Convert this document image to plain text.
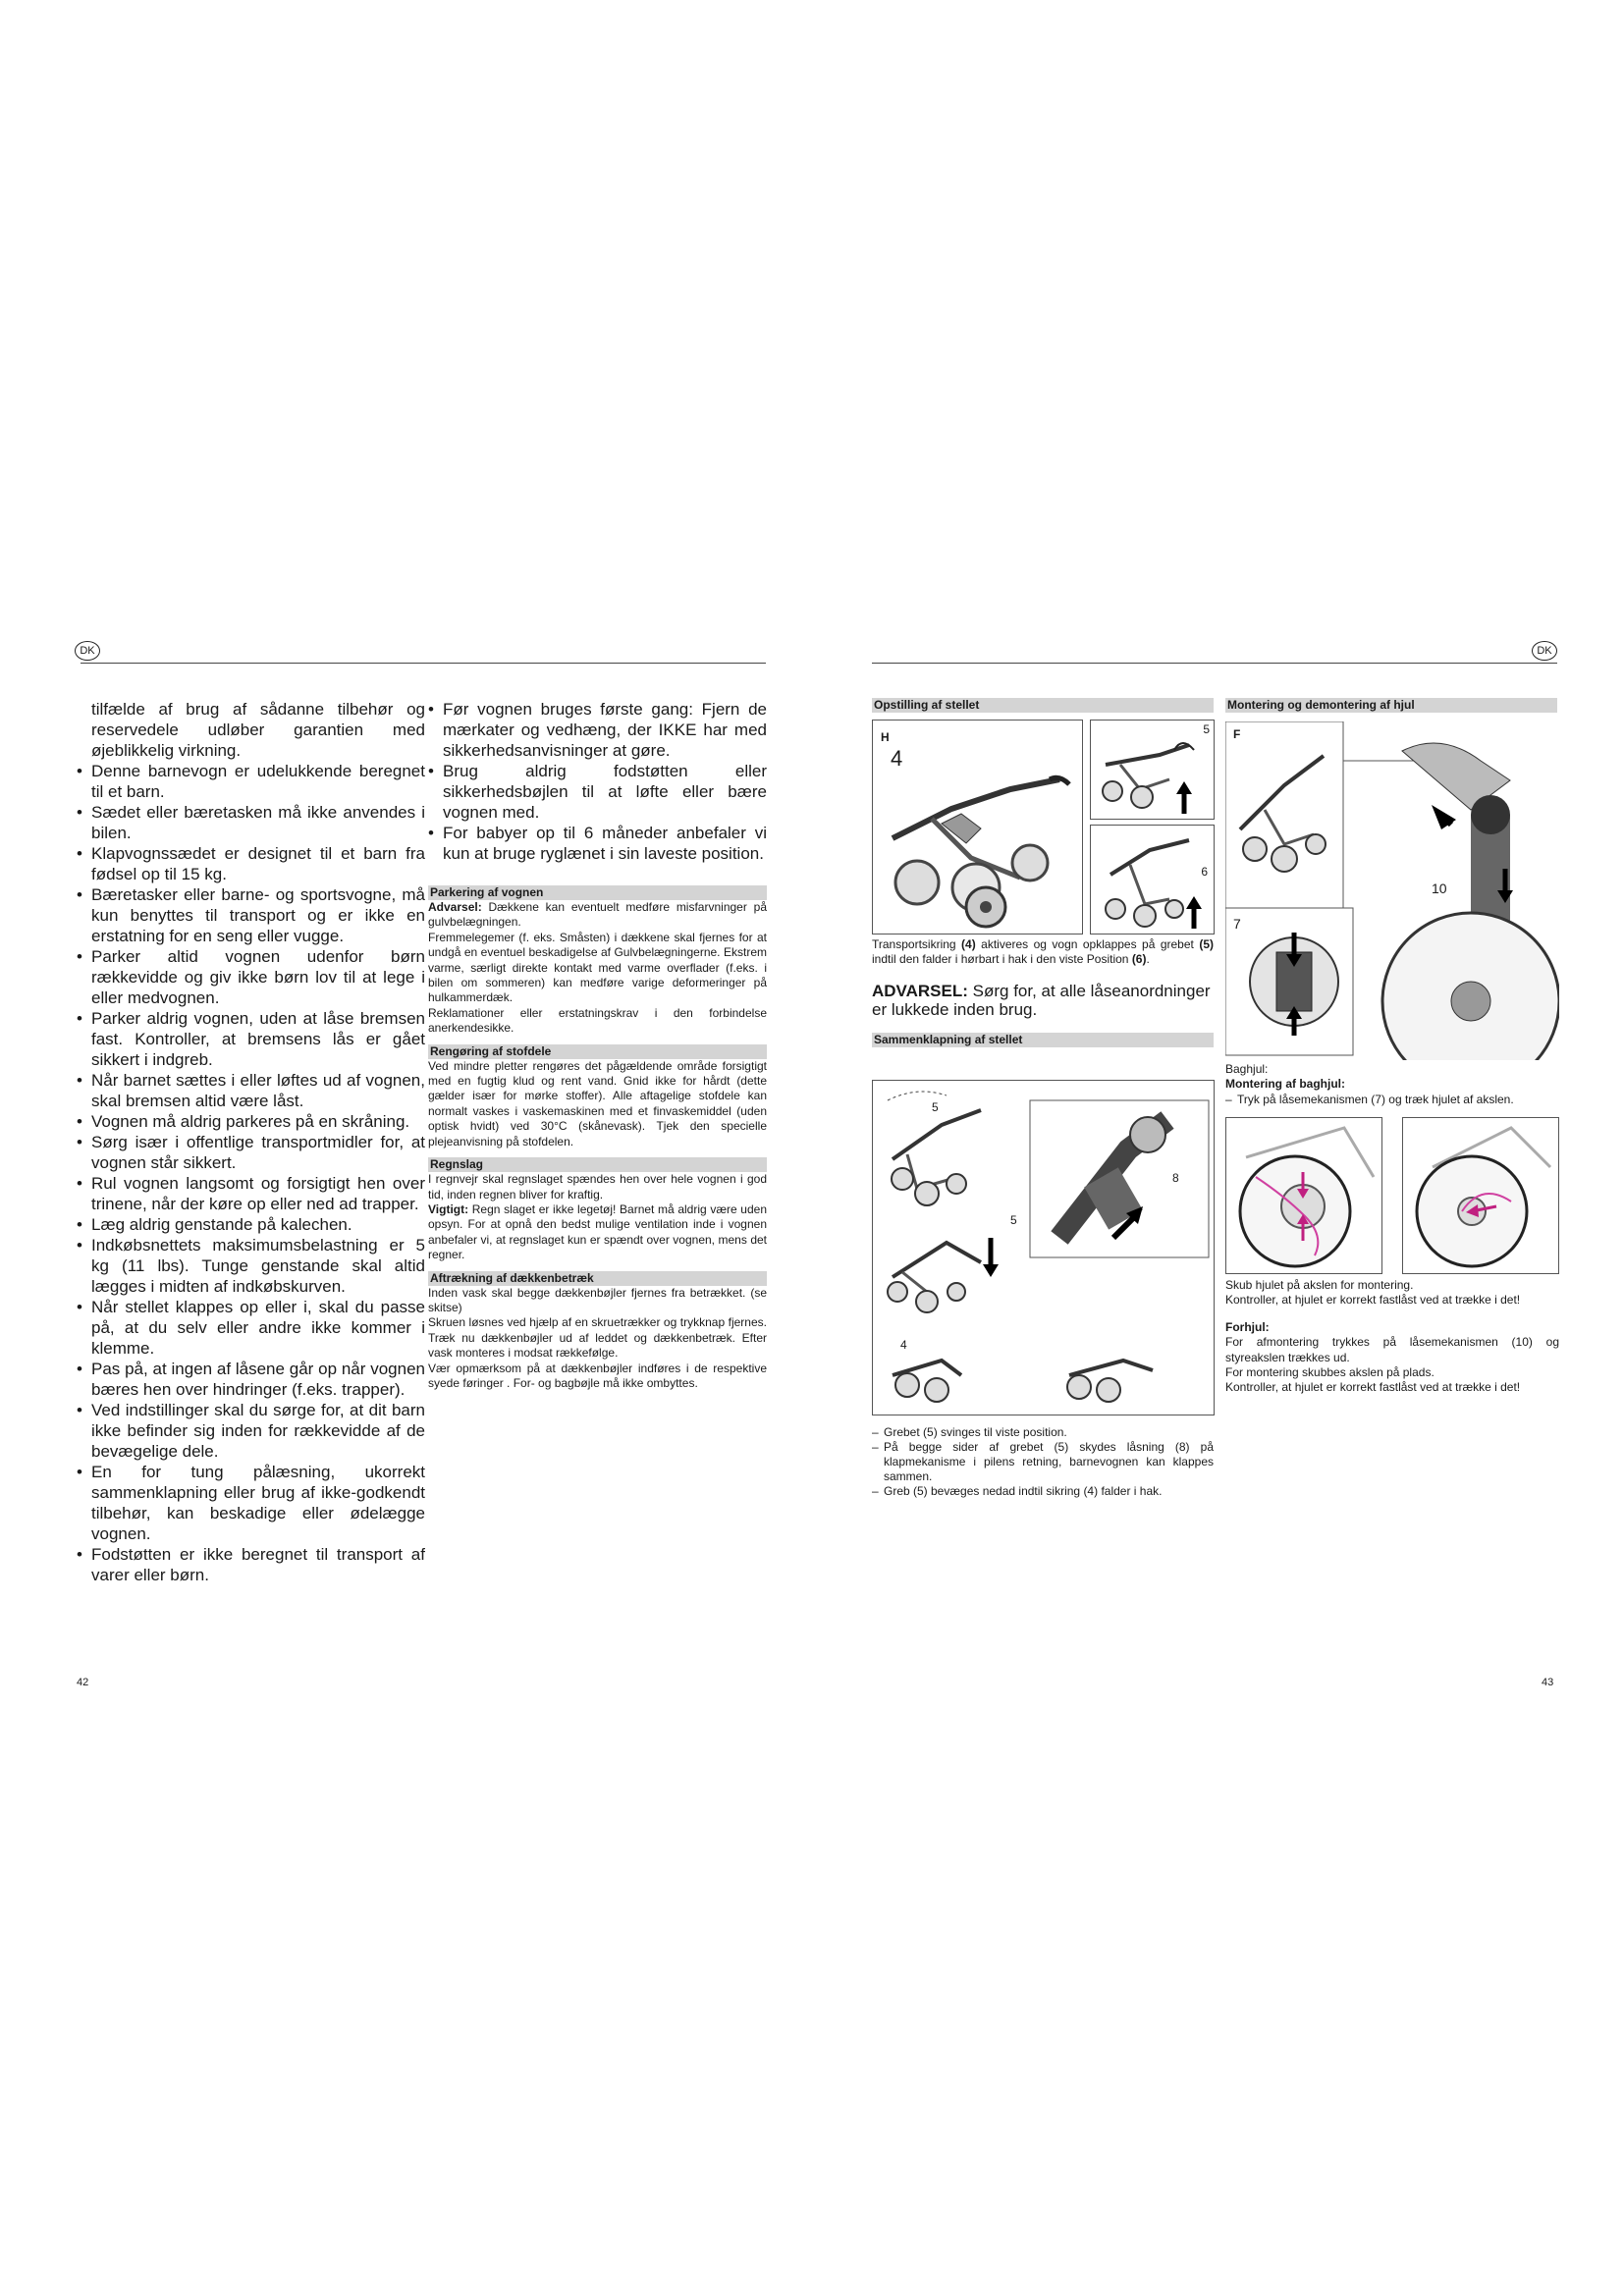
DK	DK

tilfælde af brug af sådanne tilbehør og reservedele udløber garantien med øjeblikkelig virkning.

• Denne barnevogn er udelukkende beregnet til et barn.

• Sædet eller bæretasken må ikke anvendes i bilen.

• Klapvognssædet er designet til et barn fra fødsel op til 15 kg.

• Bæretasker eller barne- og sportsvogne, må kun benyttes til transport og er ikke en erstatning for en seng eller vugge.

• Parker altid vognen udenfor børn rækkevidde og giv ikke børn lov til at lege i eller medvognen.

• Parker aldrig vognen, uden at låse bremsen fast. Kontroller, at bremsens lås er gået sikkert i indgreb.

• Når barnet sættes i eller løftes ud af vognen, skal bremsen altid være låst.

• Vognen må aldrig parkeres på en skråning.

• Sørg især i offentlige transportmidler for, at vognen står sikkert.

• Rul vognen langsomt og forsigtigt hen over trinene, når der køre op eller ned ad trapper.

• Læg aldrig genstande på kalechen.

• Indkøbsnettets maksimumsbelastning er 5 kg (11 lbs). Tunge genstande skal altid lægges i midten af indkøbskurven.

• Når stellet klappes op eller i, skal du passe på, at du selv eller andre ikke kommer i klemme.

• Pas på, at ingen af låsene går op når vognen bæres hen over hindringer (f.eks. trapper).

• Ved indstillinger skal du sørge for, at dit barn ikke befinder sig inden for rækkevidde af de bevægelige dele.

• En for tung pålæsning, ukorrekt sammenklapning eller brug af ikke-godkendt tilbehør, kan beskadige eller ødelægge vognen.

• Fodstøtten er ikke beregnet til transport af varer eller børn.

• Før vognen bruges første gang: Fjern de mærkater og vedhæng, der IKKE har med sikkerhedsanvisninger at gøre.

• Brug aldrig fodstøtten eller sikkerhedsbøjlen til at løfte eller bære vognen med.

• For babyer op til 6 måneder anbefaler vi kun at bruge ryglænet i sin laveste position.

Parkering af vognen

Advarsel: Dækkene kan eventuelt medføre misfarvninger på gulvbelægningen.

Fremmelegemer (f. eks. Småsten) i dækkene skal fjernes for at undgå en eventuel beskadigelse af Gulvbelægningerne. Ekstrem varme, særligt direkte kontakt med varme overflader (f.eks. i bilen om sommeren) kan medføre varige deformeringer på hulkammerdæk.

Reklamationer eller erstatningskrav i den forbindelse anerkendesikke.

Rengøring af stofdele

Ved mindre pletter rengøres det pågældende område forsigtigt med en fugtig klud og rent vand. Gnid ikke for hårdt (dette gælder især for mørke stoffer). Alle aftagelige stofdele kan normalt vaskes i vaskemaskinen med et finvaskemiddel (uden optisk hvidt) ved 30°C (skånevask). Tjek den specielle plejeanvisning på stofdelen.

Regnslag

I regnvejr skal regnslaget spændes hen over hele vognen i god tid, inden regnen bliver for kraftig.

Vigtigt: Regn slaget er ikke legetøj! Barnet må aldrig være uden opsyn. For at opnå den bedst mulige ventilation inde i vognen anbefaler vi, at regnslaget kun er spændt over vognen, mens det regner.

Aftrækning af dækkenbetræk

Inden vask skal begge dækkenbøjler fjernes fra betrækket. (se skitse)

Skruen løsnes ved hjælp af en skruetrækker og trykknap fjernes. Træk nu dækkenbøjler ud af leddet og dækkenbetræk. Efter vask monteres i modsat rækkefølge.

Vær opmærksom på at dækkenbøjler indføres i de respektive syede føringer . For- og bagbøjle må ikke ombyttes.

42
Opstilling af stellet
H
4
5
6

Transportsikring (4) aktiveres og vogn opklappes på grebet (5) indtil den falder i hørbart i hak i den viste Position (6).

ADVARSEL: Sørg for, at alle låseanordninger er lukkede inden brug.

Sammenklapning af stellet
5
5
8
4

– Grebet (5) svinges til viste position.

– På begge sider af grebet (5) skydes låsning (8) på klapmekanisme i pilens retning, barnevognen kan klappes sammen.

– Greb (5) bevæges nedad indtil sikring (4) falder i hak.

Montering og demontering af hjul
F
7
10

Baghjul:

Montering af baghjul:

– Tryk på låsemekanismen (7) og træk hjulet af akslen.

Skub hjulet på akslen for montering.

Kontroller, at hjulet er korrekt fastlåst ved at trække i det!

Forhjul:

For afmontering trykkes på låsemekanismen (10) og styreakslen trækkes ud.

For montering skubbes akslen på plads.

Kontroller, at hjulet er korrekt fastlåst ved at trække i det!

43
